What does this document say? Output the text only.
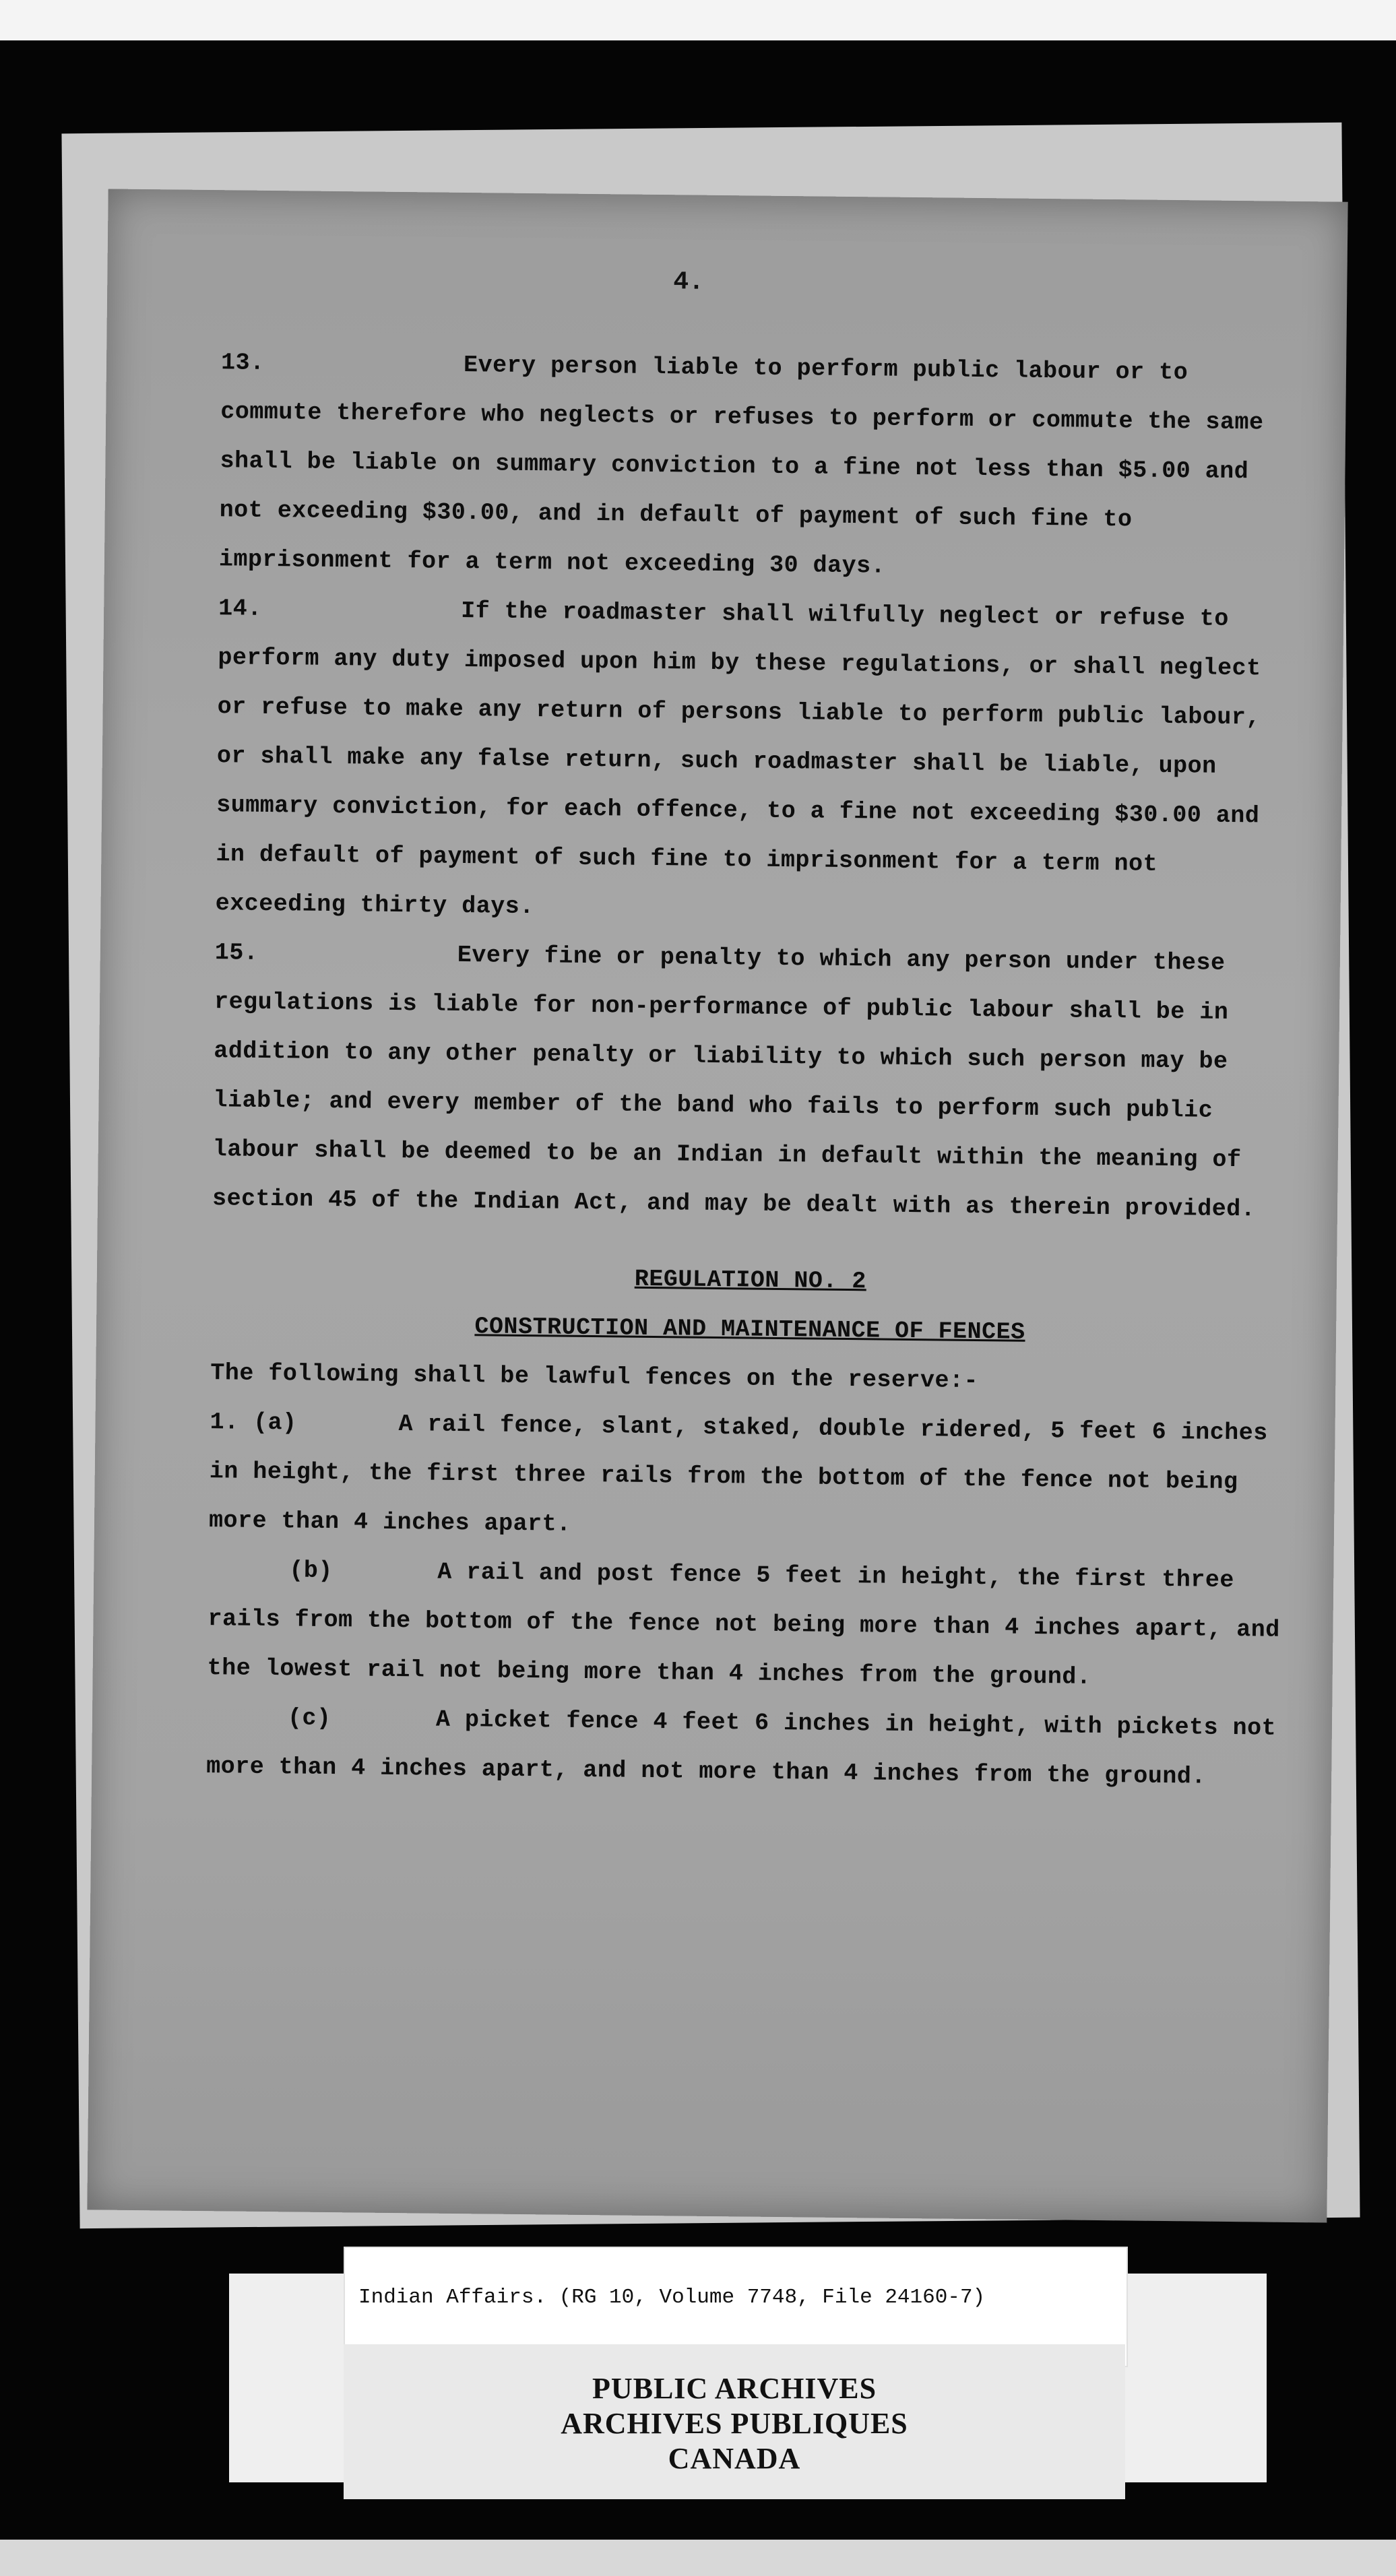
4.

13.	Every person liable to perform public labour or to commute therefore who neglects or refuses to perform or commute the same shall be liable on summary conviction to a fine not less than $5.00 and not exceeding $30.00, and in default of payment of such fine to imprisonment for a term not exceeding 30 days.

14.	If the roadmaster shall wilfully neglect or refuse to perform any duty imposed upon him by these regulations, or shall neglect or refuse to make any return of persons liable to perform public labour, or shall make any false return, such roadmaster shall be liable, upon summary conviction, for each offence, to a fine not exceeding $30.00 and in default of payment of such fine to imprisonment for a term not exceeding thirty days.

15.	Every fine or penalty to which any person under these regulations is liable for non-performance of public labour shall be in addition to any other penalty or liability to which such person may be liable; and every member of the band who fails to perform such public labour shall be deemed to be an Indian in default within the meaning of section 45 of the Indian Act, and may be dealt with as therein provided.

REGULATION NO. 2

CONSTRUCTION AND MAINTENANCE OF FENCES

The following shall be lawful fences on the reserve:-

1. (a)	A rail fence, slant, staked, double ridered, 5 feet 6 inches in height, the first three rails from the bottom of the fence not being more than 4 inches apart.

(b)	A rail and post fence 5 feet in height, the first three rails from the bottom of the fence not being more than 4 inches apart, and the lowest rail not being more than 4 inches from the ground.

(c)	A picket fence 4 feet 6 inches in height, with pickets not more than 4 inches apart, and not more than 4 inches from the ground.

Indian Affairs. (RG 10, Volume 7748, File 24160-7)
PUBLIC ARCHIVES
ARCHIVES PUBLIQUES
CANADA
